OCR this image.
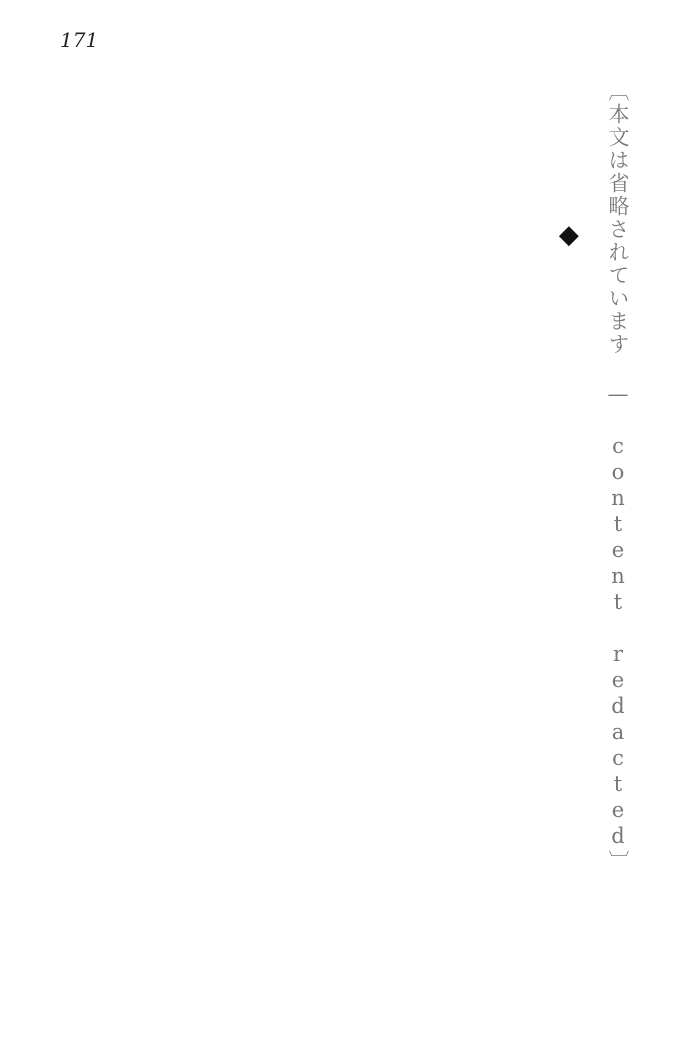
171
〔本文は省略されています — content redacted〕 ◆
